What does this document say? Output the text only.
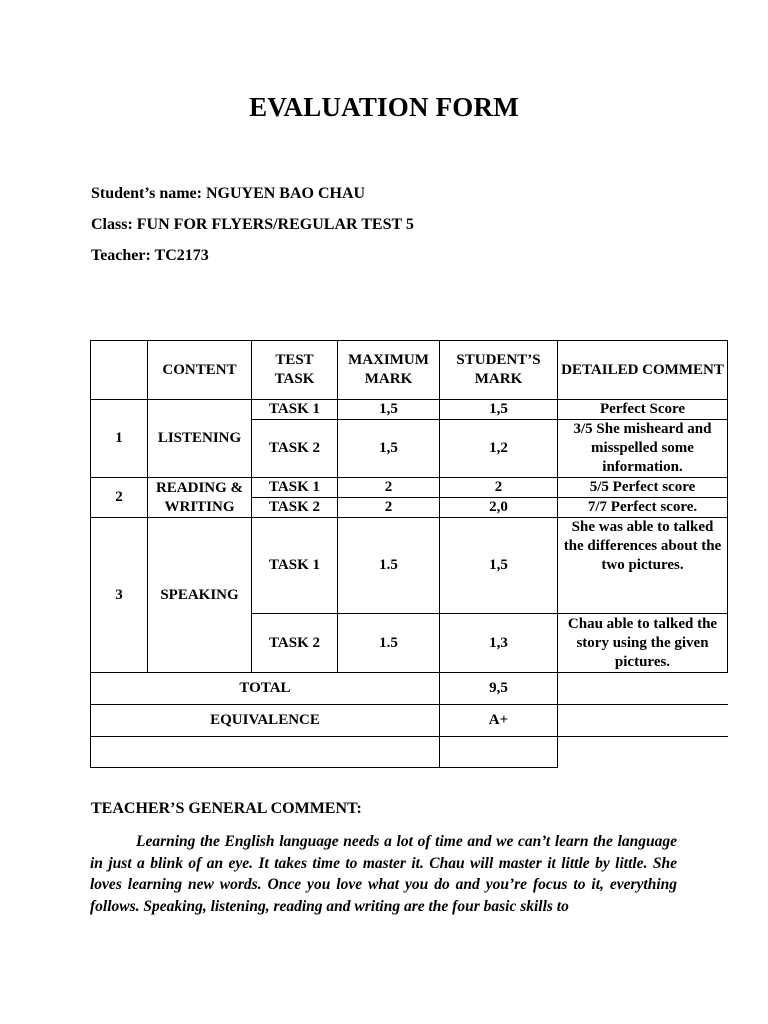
EVALUATION FORM
Student’s name: NGUYEN BAO CHAU
Class: FUN FOR FLYERS/REGULAR TEST 5
Teacher: TC2173
	CONTENT	TEST TASK	MAXIMUM MARK	STUDENT’S MARK	DETAILED COMMENT
1	LISTENING	TASK 1	1,5	1,5	Perfect Score
		TASK 2	1,5	1,2	3/5 She misheard and misspelled some information.
2	READING & WRITING	TASK 1	2	2	5/5 Perfect score
		TASK 2	2	2,0	7/7 Perfect score.
3	SPEAKING	TASK 1	1.5	1,5	She was able to talked the differences about the two pictures.
		TASK 2	1.5	1,3	Chau able to talked the story using the given pictures.
TOTAL				9,5	
EQUIVALENCE				A+	

TEACHER’S GENERAL COMMENT:

Learning the English language needs a lot of time and we can’t learn the language in just a blink of an eye. It takes time to master it. Chau will master it little by little. She loves learning new words. Once you love what you do and you’re focus to it, everything follows. Speaking, listening, reading and writing are the four basic skills to
